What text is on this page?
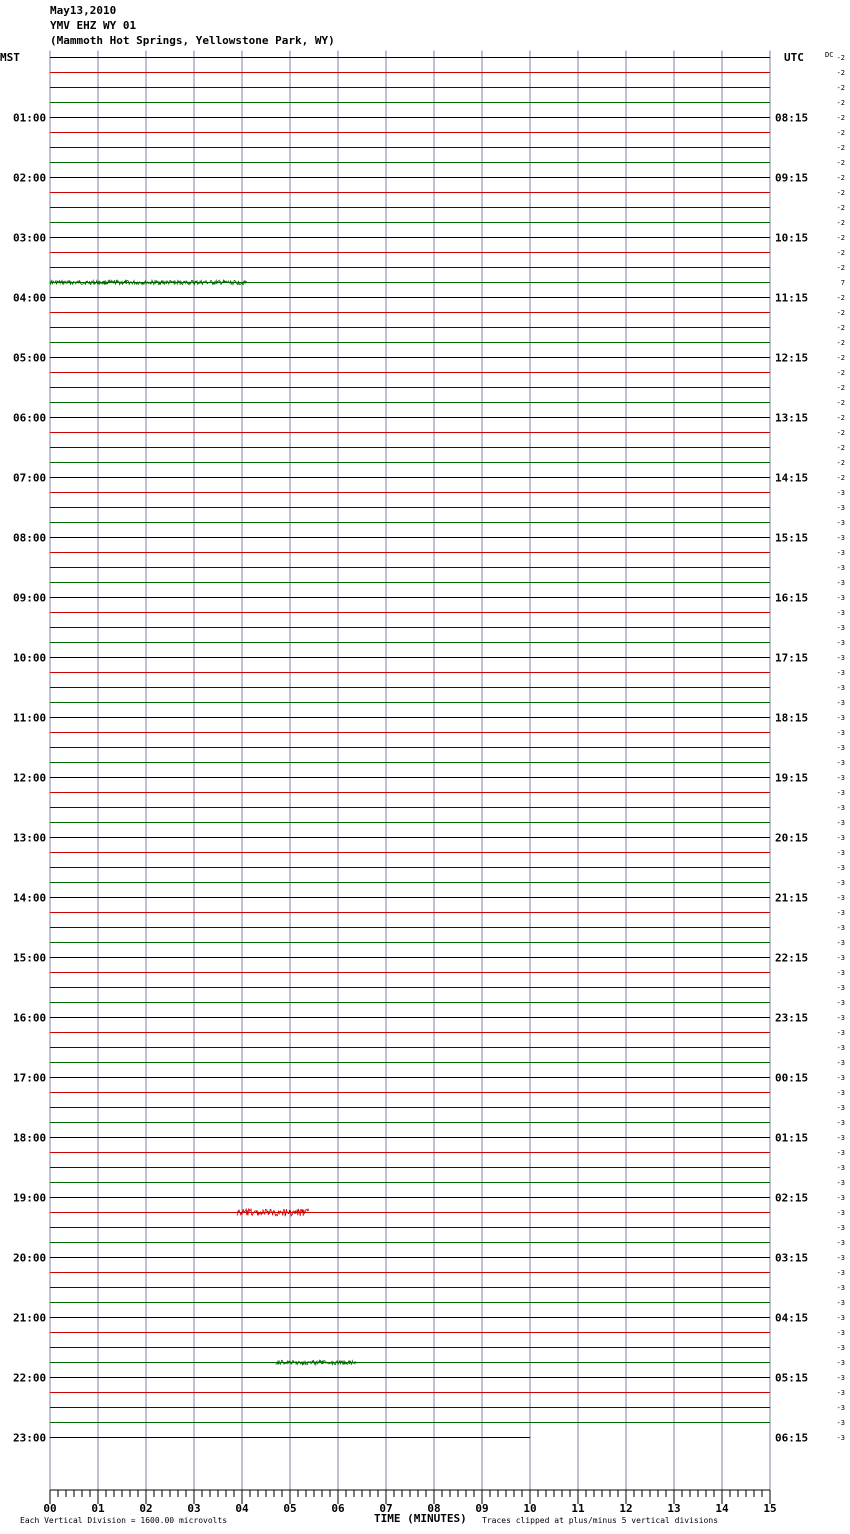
May13,2010
YMV EHZ WY 01
(Mammoth Hot Springs, Yellowstone Park, WY)
01:00
02:00
03:00
04:00
05:00
06:00
07:00
08:00
09:00
10:00
11:00
12:00
13:00
14:00
15:00
16:00
17:00
18:00
19:00
20:00
21:00
22:00
23:00
08:15
09:15
10:15
11:15
12:15
13:15
14:15
15:15
16:15
17:15
18:15
19:15
20:15
21:15
22:15
23:15
00:15
01:15
02:15
03:15
04:15
05:15
06:15
-2
-2
-2
-2
-2
-2
-2
-2
-2
-2
-2
-2
-2
-2
-2
7
-2
-2
-2
-2
-2
-2
-2
-2
-2
-2
-2
-2
-2
-3
-3
-3
-3
-3
-3
-3
-3
-3
-3
-3
-3
-3
-3
-3
-3
-3
-3
-3
-3
-3
-3
-3
-3
-3
-3
-3
-3
-3
-3
-3
-3
-3
-3
-3
-3
-3
-3
-3
-3
-3
-3
-3
-3
-3
-3
-3
-3
-3
-3
-3
-3
-3
-3
-3
-3
-3
-3
-3
-3
-3
-3
-3
-3
00	01	02	03	04	05	06	07	08	09	10	11	12	13	14	15
MST	UTC	DC
Each Vertical Division = 1600.00 microvolts	TIME (MINUTES) Traces clipped at plus/minus 5 vertical divisions
